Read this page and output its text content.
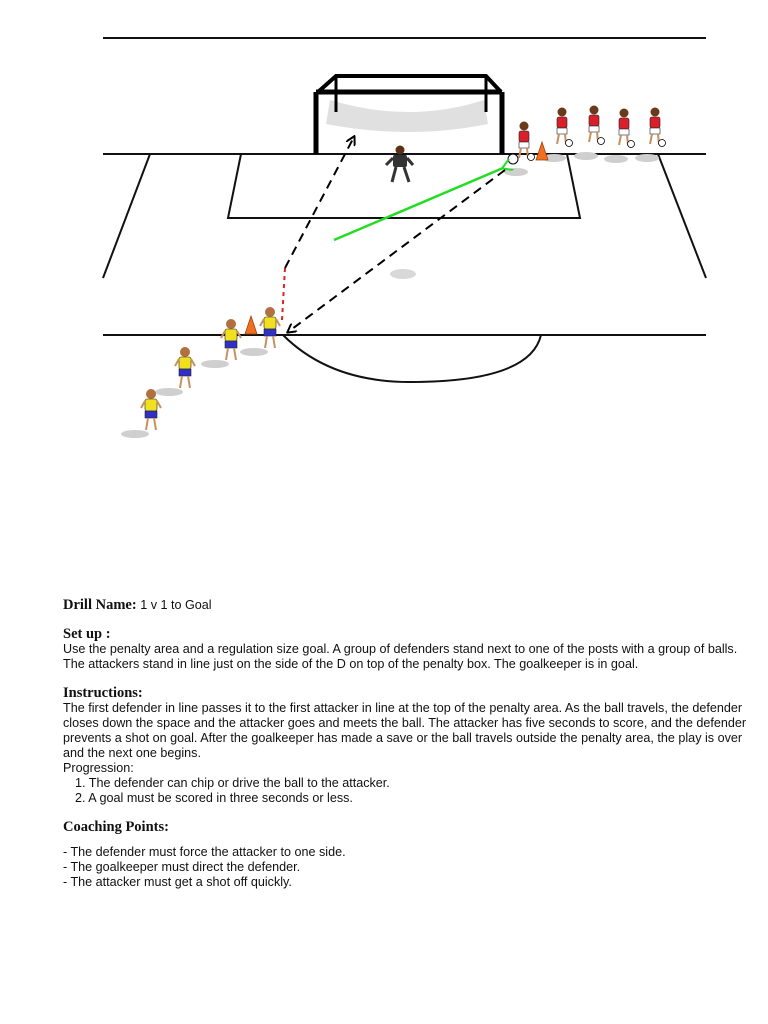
Drill Name: 1 v 1 to Goal

Set up :

Use the penalty area and a regulation size goal. A group of defenders stand next to one of the posts with a group of balls. The attackers stand in line just on the side of the D on top of the penalty box. The goalkeeper is in goal.

Instructions:

The first defender in line passes it to the first attacker in line at the top of the penalty area. As the ball travels, the defender closes down the space and the attacker goes and meets the ball. The attacker has five seconds to score, and the defender prevents a shot on goal. After the goalkeeper has made a save or the ball travels outside the penalty area, the play is over and the next one begins.

Progression:

1. The defender can chip or drive the ball to the attacker.

2. A goal must be scored in three seconds or less.

Coaching Points:

- The defender must force the attacker to one side.

- The goalkeeper must direct the defender.

- The attacker must get a shot off quickly.
